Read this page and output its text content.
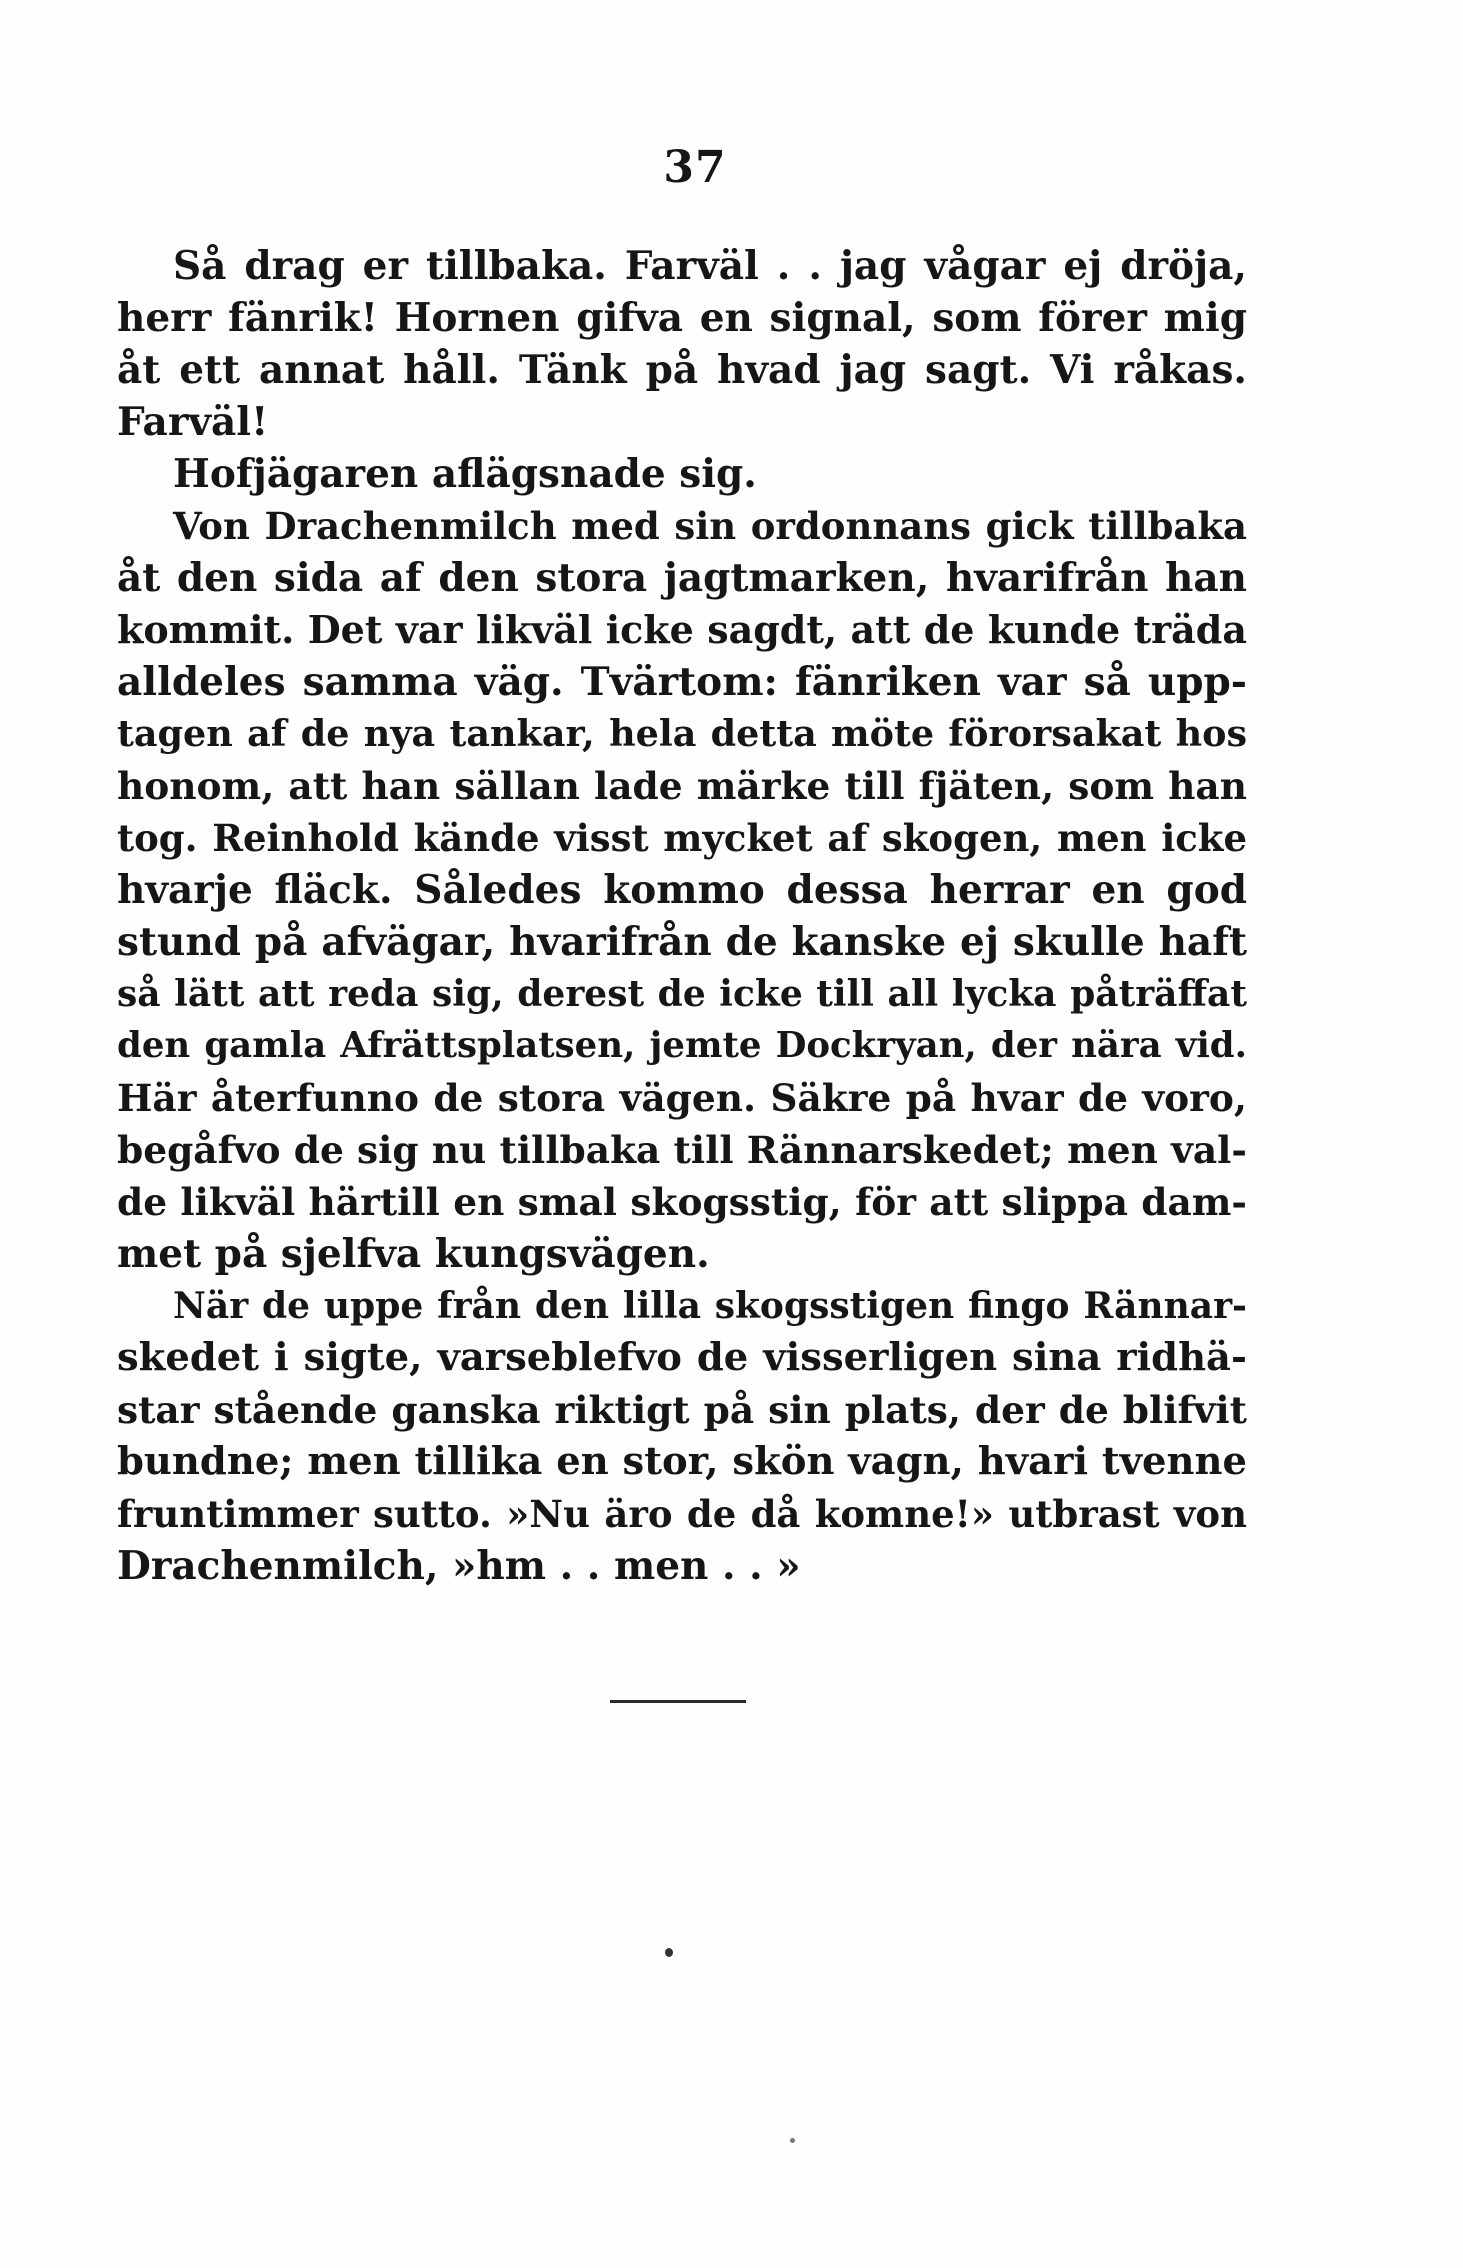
37
Så drag er tillbaka. Farväl . . jag vågar ej dröja,
herr fänrik! Hornen gifva en signal, som förer mig
åt ett annat håll. Tänk på hvad jag sagt. Vi råkas.
Farväl!
Hofjägaren aflägsnade sig.
Von Drachenmilch med sin ordonnans gick tillbaka
åt den sida af den stora jagtmarken, hvarifrån han
kommit. Det var likväl icke sagdt, att de kunde träda
alldeles samma väg. Tvärtom: fänriken var så upp-
tagen af de nya tankar, hela detta möte förorsakat hos
honom, att han sällan lade märke till fjäten, som han
tog. Reinhold kände visst mycket af skogen, men icke
hvarje fläck. Således kommo dessa herrar en god
stund på afvägar, hvarifrån de kanske ej skulle haft
så lätt att reda sig, derest de icke till all lycka påträffat
den gamla Afrättsplatsen, jemte Dockryan, der nära vid.
Här återfunno de stora vägen. Säkre på hvar de voro,
begåfvo de sig nu tillbaka till Rännarskedet; men val-
de likväl härtill en smal skogsstig, för att slippa dam-
met på sjelfva kungsvägen.
När de uppe från den lilla skogsstigen fingo Rännar-
skedet i sigte, varseblefvo de visserligen sina ridhä-
star stående ganska riktigt på sin plats, der de blifvit
bundne; men tillika en stor, skön vagn, hvari tvenne
fruntimmer sutto. »Nu äro de då komne!» utbrast von
Drachenmilch, »hm . . men . . »
